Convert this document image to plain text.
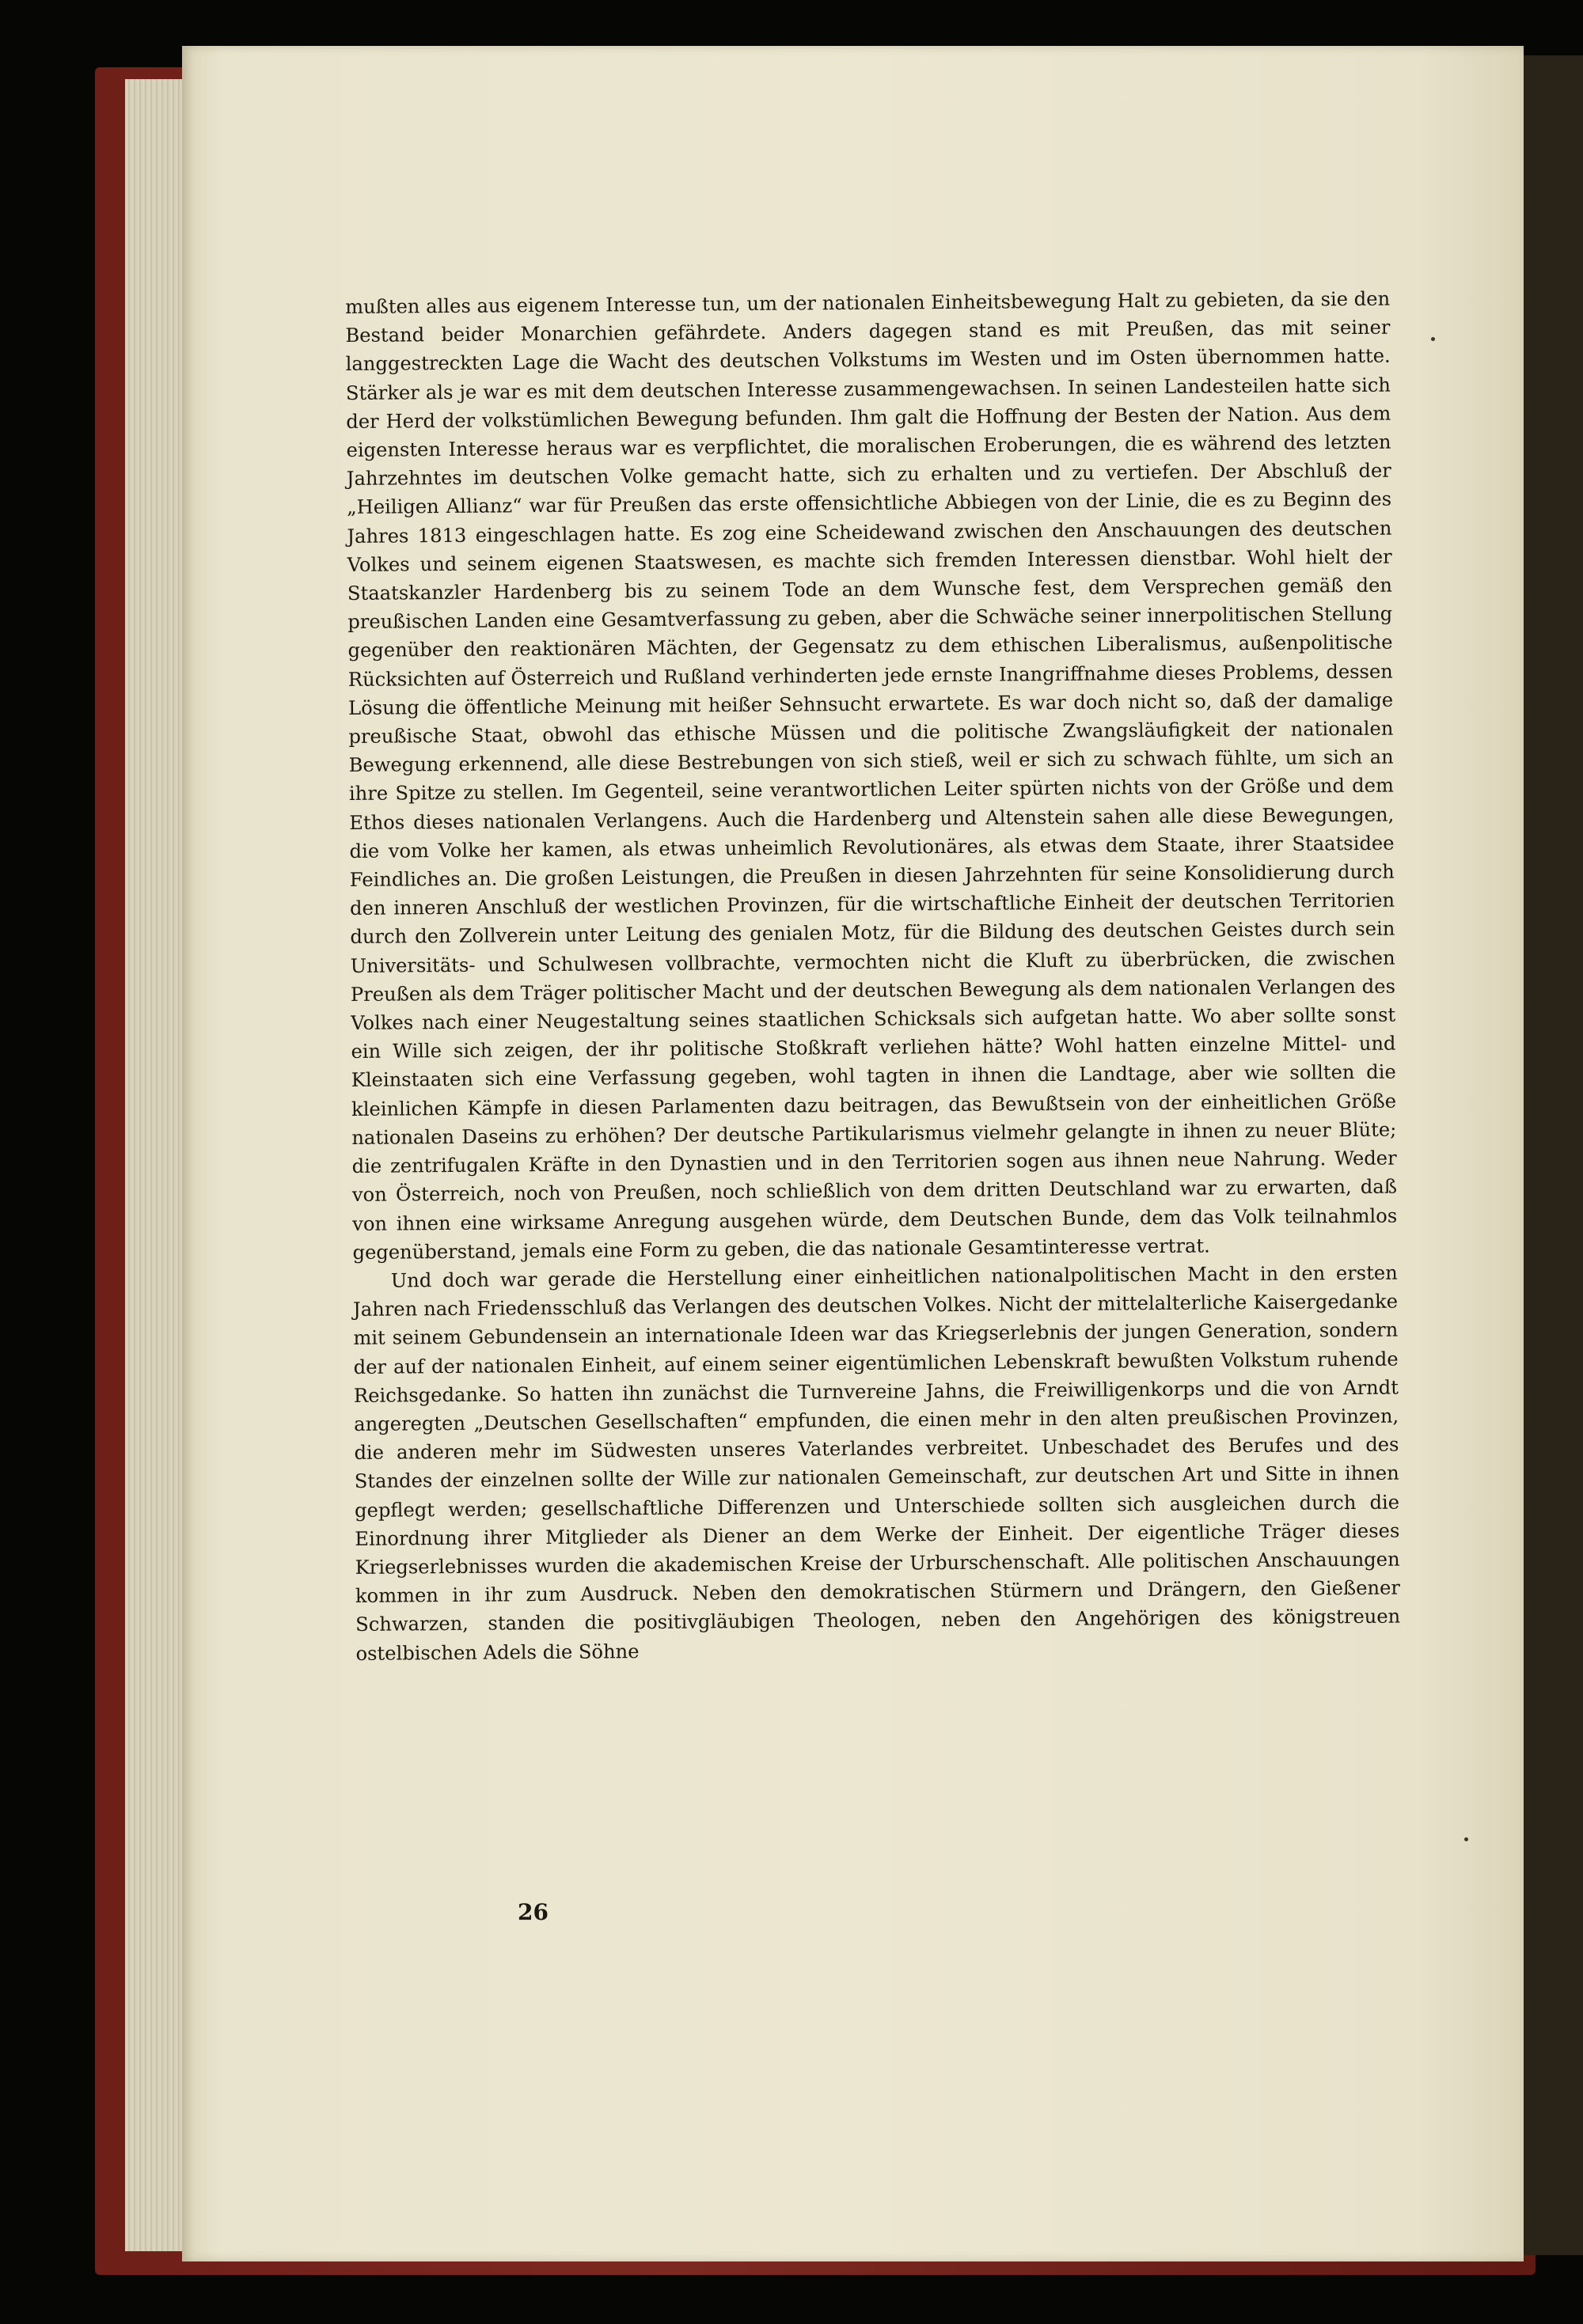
mußten alles aus eigenem Interesse tun, um der nationalen Einheitsbewegung Halt zu gebieten, da sie den Bestand beider Monarchien gefährdete. Anders dagegen stand es mit Preußen, das mit seiner langgestreckten Lage die Wacht des deutschen Volkstums im Westen und im Osten übernommen hatte. Stärker als je war es mit dem deutschen Interesse zusammengewachsen. In seinen Landesteilen hatte sich der Herd der volkstümlichen Bewegung befunden. Ihm galt die Hoffnung der Besten der Nation. Aus dem eigensten Interesse heraus war es verpflichtet, die moralischen Eroberungen, die es während des letzten Jahrzehntes im deutschen Volke gemacht hatte, sich zu erhalten und zu vertiefen. Der Abschluß der „Heiligen Allianz“ war für Preußen das erste offensichtliche Abbiegen von der Linie, die es zu Beginn des Jahres 1813 eingeschlagen hatte. Es zog eine Scheidewand zwischen den Anschauungen des deutschen Volkes und seinem eigenen Staatswesen, es machte sich fremden Interessen dienstbar. Wohl hielt der Staatskanzler Hardenberg bis zu seinem Tode an dem Wunsche fest, dem Versprechen gemäß den preußischen Landen eine Gesamtverfassung zu geben, aber die Schwäche seiner innerpolitischen Stellung gegenüber den reaktionären Mächten, der Gegensatz zu dem ethischen Liberalismus, außenpolitische Rücksichten auf Österreich und Rußland verhinderten jede ernste Inangriffnahme dieses Problems, dessen Lösung die öffentliche Meinung mit heißer Sehnsucht erwartete. Es war doch nicht so, daß der damalige preußische Staat, obwohl das ethische Müssen und die politische Zwangsläufigkeit der nationalen Bewegung erkennend, alle diese Bestrebungen von sich stieß, weil er sich zu schwach fühlte, um sich an ihre Spitze zu stellen. Im Gegenteil, seine verantwortlichen Leiter spürten nichts von der Größe und dem Ethos dieses nationalen Verlangens. Auch die Hardenberg und Altenstein sahen alle diese Bewegungen, die vom Volke her kamen, als etwas unheimlich Revolutionäres, als etwas dem Staate, ihrer Staatsidee Feindliches an. Die großen Leistungen, die Preußen in diesen Jahrzehnten für seine Konsolidierung durch den inneren Anschluß der westlichen Provinzen, für die wirtschaftliche Einheit der deutschen Territorien durch den Zollverein unter Leitung des genialen Motz, für die Bildung des deutschen Geistes durch sein Universitäts- und Schulwesen vollbrachte, vermochten nicht die Kluft zu überbrücken, die zwischen Preußen als dem Träger politischer Macht und der deutschen Bewegung als dem nationalen Verlangen des Volkes nach einer Neugestaltung seines staatlichen Schicksals sich aufgetan hatte. Wo aber sollte sonst ein Wille sich zeigen, der ihr politische Stoßkraft verliehen hätte? Wohl hatten einzelne Mittel- und Kleinstaaten sich eine Verfassung gegeben, wohl tagten in ihnen die Landtage, aber wie sollten die kleinlichen Kämpfe in diesen Parlamenten dazu beitragen, das Bewußtsein von der einheitlichen Größe nationalen Daseins zu erhöhen? Der deutsche Partikularismus vielmehr gelangte in ihnen zu neuer Blüte; die zentrifugalen Kräfte in den Dynastien und in den Territorien sogen aus ihnen neue Nahrung. Weder von Österreich, noch von Preußen, noch schließlich von dem dritten Deutschland war zu erwarten, daß von ihnen eine wirksame Anregung ausgehen würde, dem Deutschen Bunde, dem das Volk teilnahmlos gegenüberstand, jemals eine Form zu geben, die das nationale Gesamtinteresse vertrat.

Und doch war gerade die Herstellung einer einheitlichen nationalpolitischen Macht in den ersten Jahren nach Friedensschluß das Verlangen des deutschen Volkes. Nicht der mittelalterliche Kaisergedanke mit seinem Gebundensein an internationale Ideen war das Kriegserlebnis der jungen Generation, sondern der auf der nationalen Einheit, auf einem seiner eigentümlichen Lebenskraft bewußten Volkstum ruhende Reichsgedanke. So hatten ihn zunächst die Turnvereine Jahns, die Freiwilligenkorps und die von Arndt angeregten „Deutschen Gesellschaften“ empfunden, die einen mehr in den alten preußischen Provinzen, die anderen mehr im Südwesten unseres Vaterlandes verbreitet. Unbeschadet des Berufes und des Standes der einzelnen sollte der Wille zur nationalen Gemeinschaft, zur deutschen Art und Sitte in ihnen gepflegt werden; gesellschaftliche Differenzen und Unterschiede sollten sich ausgleichen durch die Einordnung ihrer Mitglieder als Diener an dem Werke der Einheit. Der eigentliche Träger dieses Kriegserlebnisses wurden die akademischen Kreise der Urburschenschaft. Alle politischen Anschauungen kommen in ihr zum Ausdruck. Neben den demokratischen Stürmern und Drängern, den Gießener Schwarzen, standen die positivgläubigen Theologen, neben den Angehörigen des königstreuen ostelbischen Adels die Söhne

26
